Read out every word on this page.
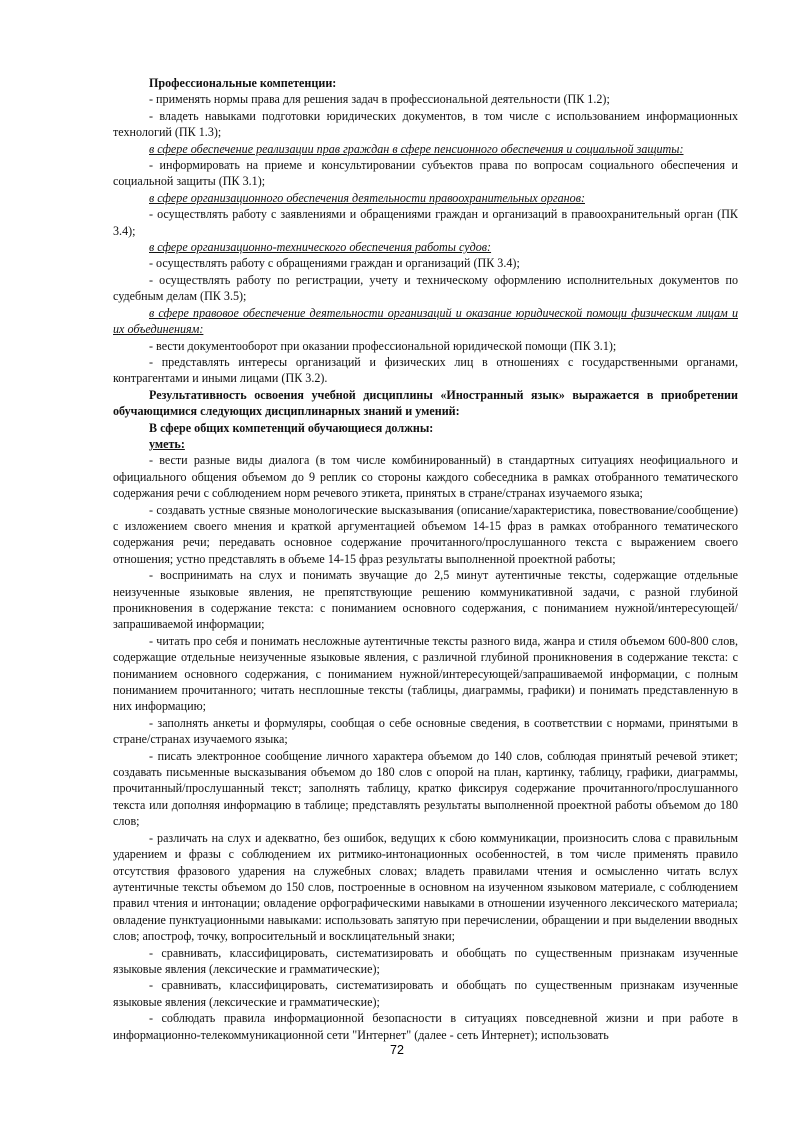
Профессиональные компетенции:

- применять нормы права для решения задач в профессиональной деятельности (ПК 1.2);

- владеть навыками подготовки юридических документов, в том числе с использованием информационных технологий (ПК 1.3);

в сфере обеспечение реализации прав граждан в сфере пенсионного обеспечения и социальной защиты:

- информировать на приеме и консультировании субъектов права по вопросам социального обеспечения и социальной защиты (ПК 3.1);

в сфере организационного обеспечения деятельности правоохранительных органов:

- осуществлять работу с заявлениями и обращениями граждан и организаций в правоохранительный орган (ПК 3.4);

в сфере организационно-технического обеспечения работы судов:

- осуществлять работу с обращениями граждан и организаций (ПК 3.4);

- осуществлять работу по регистрации, учету и техническому оформлению исполнительных документов по судебным делам (ПК 3.5);

в сфере правовое обеспечение деятельности организаций и оказание юридической помощи физическим лицам и их объединениям:

- вести документооборот при оказании профессиональной юридической помощи (ПК 3.1);

- представлять интересы организаций и физических лиц в отношениях с государственными органами, контрагентами и иными лицами (ПК 3.2).

Результативность освоения учебной дисциплины «Иностранный язык» выражается в приобретении обучающимися следующих дисциплинарных знаний и умений:

В сфере общих компетенций обучающиеся должны:

уметь:

- вести разные виды диалога (в том числе комбинированный) в стандартных ситуациях неофициального и официального общения объемом до 9 реплик со стороны каждого собеседника в рамках отобранного тематического содержания речи с соблюдением норм речевого этикета, принятых в стране/странах изучаемого языка;

- создавать устные связные монологические высказывания (описание/характеристика, повествование/сообщение) с изложением своего мнения и краткой аргументацией объемом 14-15 фраз в рамках отобранного тематического содержания речи; передавать основное содержание прочитанного/прослушанного текста с выражением своего отношения; устно представлять в объеме 14-15 фраз результаты выполненной проектной работы;

- воспринимать на слух и понимать звучащие до 2,5 минут аутентичные тексты, содержащие отдельные неизученные языковые явления, не препятствующие решению коммуникативной задачи, с разной глубиной проникновения в содержание текста: с пониманием основного содержания, с пониманием нужной/интересующей/запрашиваемой информации;

- читать про себя и понимать несложные аутентичные тексты разного вида, жанра и стиля объемом 600-800 слов, содержащие отдельные неизученные языковые явления, с различной глубиной проникновения в содержание текста: с пониманием основного содержания, с пониманием нужной/интересующей/запрашиваемой информации, с полным пониманием прочитанного; читать несплошные тексты (таблицы, диаграммы, графики) и понимать представленную в них информацию;

- заполнять анкеты и формуляры, сообщая о себе основные сведения, в соответствии с нормами, принятыми в стране/странах изучаемого языка;

- писать электронное сообщение личного характера объемом до 140 слов, соблюдая принятый речевой этикет; создавать письменные высказывания объемом до 180 слов с опорой на план, картинку, таблицу, графики, диаграммы, прочитанный/прослушанный текст; заполнять таблицу, кратко фиксируя содержание прочитанного/прослушанного текста или дополняя информацию в таблице; представлять результаты выполненной проектной работы объемом до 180 слов;

- различать на слух и адекватно, без ошибок, ведущих к сбою коммуникации, произносить слова с правильным ударением и фразы с соблюдением их ритмико-интонационных особенностей, в том числе применять правило отсутствия фразового ударения на служебных словах; владеть правилами чтения и осмысленно читать вслух аутентичные тексты объемом до 150 слов, построенные в основном на изученном языковом материале, с соблюдением правил чтения и интонации; овладение орфографическими навыками в отношении изученного лексического материала; овладение пунктуационными навыками: использовать запятую при перечислении, обращении и при выделении вводных слов; апостроф, точку, вопросительный и восклицательный знаки;

- сравнивать, классифицировать, систематизировать и обобщать по существенным признакам изученные языковые явления (лексические и грамматические);

- сравнивать, классифицировать, систематизировать и обобщать по существенным признакам изученные языковые явления (лексические и грамматические);

- соблюдать правила информационной безопасности в ситуациях повседневной жизни и при работе в информационно-телекоммуникационной сети "Интернет" (далее - сеть Интернет); использовать

72
